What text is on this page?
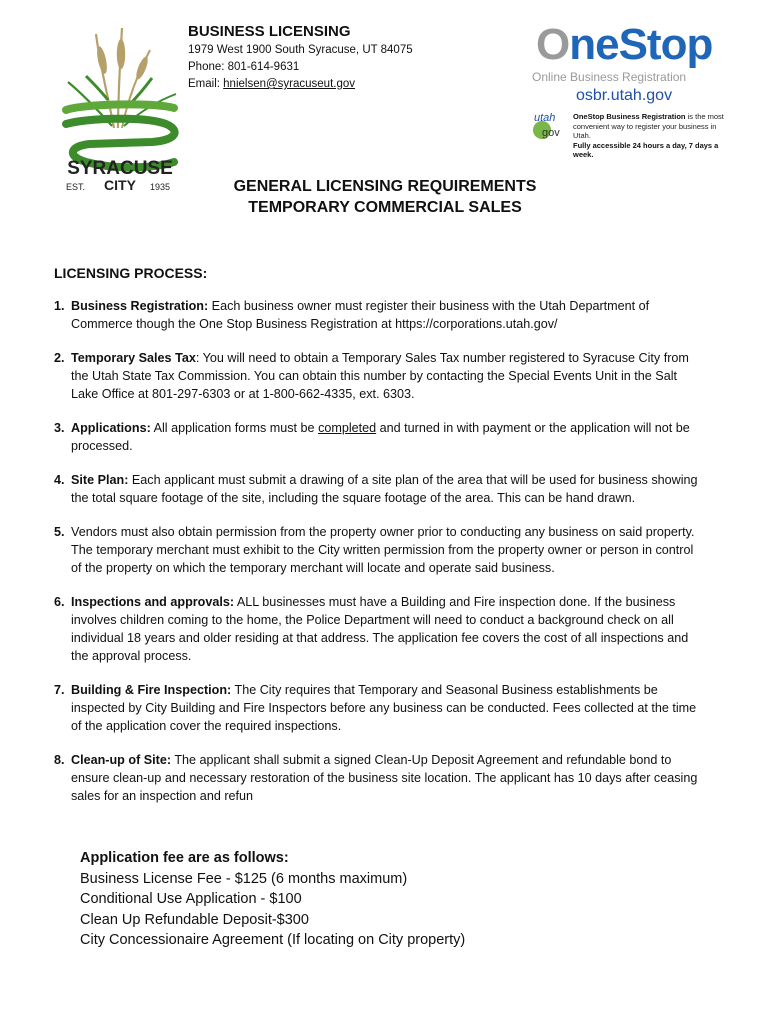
SYRACUSE
EST. CITY 1935
BUSINESS LICENSING
1979 West 1900 South Syracuse, UT 84075
Phone: 801-614-9631
Email: hnielsen@syracuseut.gov
OneStop
Online Business Registration
osbr.utah.gov
utah
gov
OneStop Business Registration is the most convenient way to register your business in Utah.
Fully accessible 24 hours a day, 7 days a week.
GENERAL LICENSING REQUIREMENTS
TEMPORARY COMMERCIAL SALES
LICENSING PROCESS:
1. Business Registration: Each business owner must register their business with the Utah Department of Commerce though the One Stop Business Registration at https://corporations.utah.gov/
2. Temporary Sales Tax: You will need to obtain a Temporary Sales Tax number registered to Syracuse City from the Utah State Tax Commission. You can obtain this number by contacting the Special Events Unit in the Salt Lake Office at 801-297-6303 or at 1-800-662-4335, ext. 6303.
3. Applications: All application forms must be completed and turned in with payment or the application will not be processed.
4. Site Plan: Each applicant must submit a drawing of a site plan of the area that will be used for business showing the total square footage of the site, including the square footage of the area. This can be hand drawn.
5. Vendors must also obtain permission from the property owner prior to conducting any business on said property. The temporary merchant must exhibit to the City written permission from the property owner or person in control of the property on which the temporary merchant will locate and operate said business.
6. Inspections and approvals: ALL businesses must have a Building and Fire inspection done. If the business involves children coming to the home, the Police Department will need to conduct a background check on all individual 18 years and older residing at that address. The application fee covers the cost of all inspections and the approval process.
7. Building & Fire Inspection: The City requires that Temporary and Seasonal Business establishments be inspected by City Building and Fire Inspectors before any business can be conducted. Fees collected at the time of the application cover the required inspections.
8. Clean-up of Site: The applicant shall submit a signed Clean-Up Deposit Agreement and refundable bond to ensure clean-up and necessary restoration of the business site location. The applicant has 10 days after ceasing sales for an inspection and refun
Application fee are as follows:
Business License Fee - $125 (6 months maximum)
Conditional Use Application - $100
Clean Up Refundable Deposit-$300
City Concessionaire Agreement (If locating on City property)
